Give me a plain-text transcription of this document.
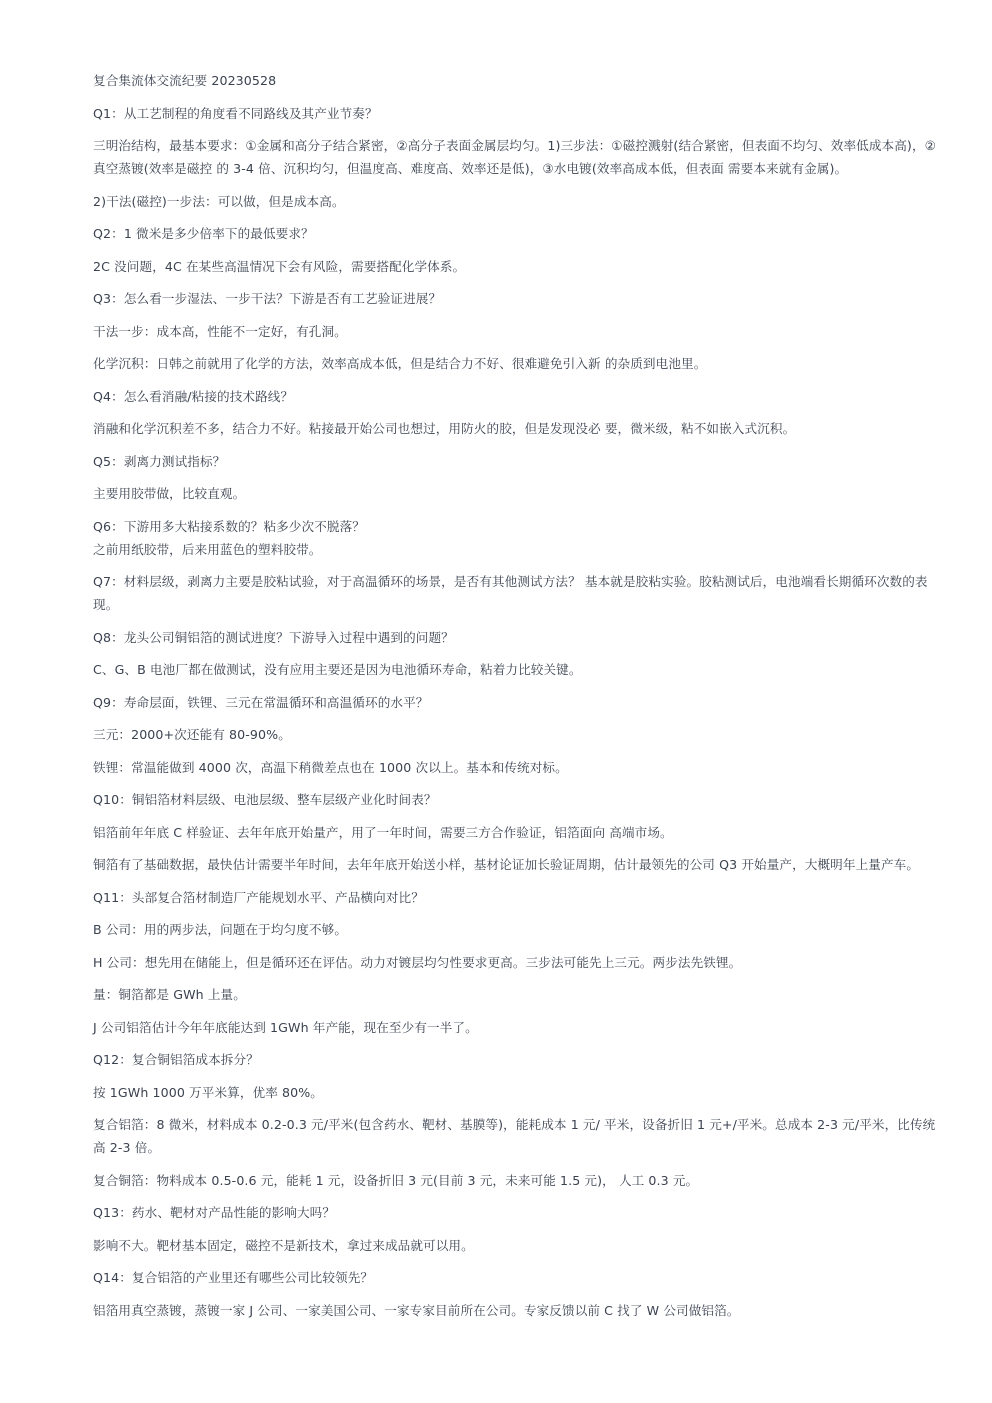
复合集流体交流纪要 20230528

Q1：从工艺制程的角度看不同路线及其产业节奏？

三明治结构，最基本要求：①金属和高分子结合紧密，②高分子表面金属层均匀。1)三步法：①磁控溅射(结合紧密，但表面不均匀、效率低成本高)，②真空蒸镀(效率是磁控 的 3-4 倍、沉积均匀，但温度高、难度高、效率还是低)，③水电镀(效率高成本低，但表面 需要本来就有金属)。

2)干法(磁控)一步法：可以做，但是成本高。

Q2：1 微米是多少倍率下的最低要求？

2C 没问题，4C 在某些高温情况下会有风险，需要搭配化学体系。

Q3：怎么看一步湿法、一步干法？下游是否有工艺验证进展？

干法一步：成本高，性能不一定好，有孔洞。

化学沉积：日韩之前就用了化学的方法，效率高成本低，但是结合力不好、很难避免引入新 的杂质到电池里。

Q4：怎么看消融/粘接的技术路线？

消融和化学沉积差不多，结合力不好。粘接最开始公司也想过，用防火的胶，但是发现没必 要，微米级，粘不如嵌入式沉积。

Q5：剥离力测试指标？

主要用胶带做，比较直观。

Q6：下游用多大粘接系数的？粘多少次不脱落？

之前用纸胶带，后来用蓝色的塑料胶带。

Q7：材料层级，剥离力主要是胶粘试验，对于高温循环的场景，是否有其他测试方法？ 基本就是胶粘实验。胶粘测试后，电池端看长期循环次数的表现。

Q8：龙头公司铜铝箔的测试进度？下游导入过程中遇到的问题？

C、G、B 电池厂都在做测试，没有应用主要还是因为电池循环寿命，粘着力比较关键。

Q9：寿命层面，铁锂、三元在常温循环和高温循环的水平？

三元：2000+次还能有 80-90%。

铁锂：常温能做到 4000 次，高温下稍微差点也在 1000 次以上。基本和传统对标。

Q10：铜铝箔材料层级、电池层级、整车层级产业化时间表？

铝箔前年年底 C 样验证、去年年底开始量产，用了一年时间，需要三方合作验证，铝箔面向 高端市场。

铜箔有了基础数据，最快估计需要半年时间，去年年底开始送小样，基材论证加长验证周期，估计最领先的公司 Q3 开始量产，大概明年上量产车。

Q11：头部复合箔材制造厂产能规划水平、产品横向对比？

B 公司：用的两步法，问题在于均匀度不够。

H 公司：想先用在储能上，但是循环还在评估。动力对镀层均匀性要求更高。三步法可能先上三元。两步法先铁锂。

量：铜箔都是 GWh 上量。

J 公司铝箔估计今年年底能达到 1GWh 年产能，现在至少有一半了。

Q12：复合铜铝箔成本拆分？

按 1GWh 1000 万平米算，优率 80%。

复合铝箔：8 微米，材料成本 0.2-0.3 元/平米(包含药水、靶材、基膜等)，能耗成本 1 元/ 平米，设备折旧 1 元+/平米。总成本 2-3 元/平米，比传统高 2-3 倍。

复合铜箔：物料成本 0.5-0.6 元，能耗 1 元，设备折旧 3 元(目前 3 元，未来可能 1.5 元)， 人工 0.3 元。

Q13：药水、靶材对产品性能的影响大吗？

影响不大。靶材基本固定，磁控不是新技术，拿过来成品就可以用。

Q14：复合铝箔的产业里还有哪些公司比较领先？

铝箔用真空蒸镀，蒸镀一家 J 公司、一家美国公司、一家专家目前所在公司。专家反馈以前 C 找了 W 公司做铝箔。
